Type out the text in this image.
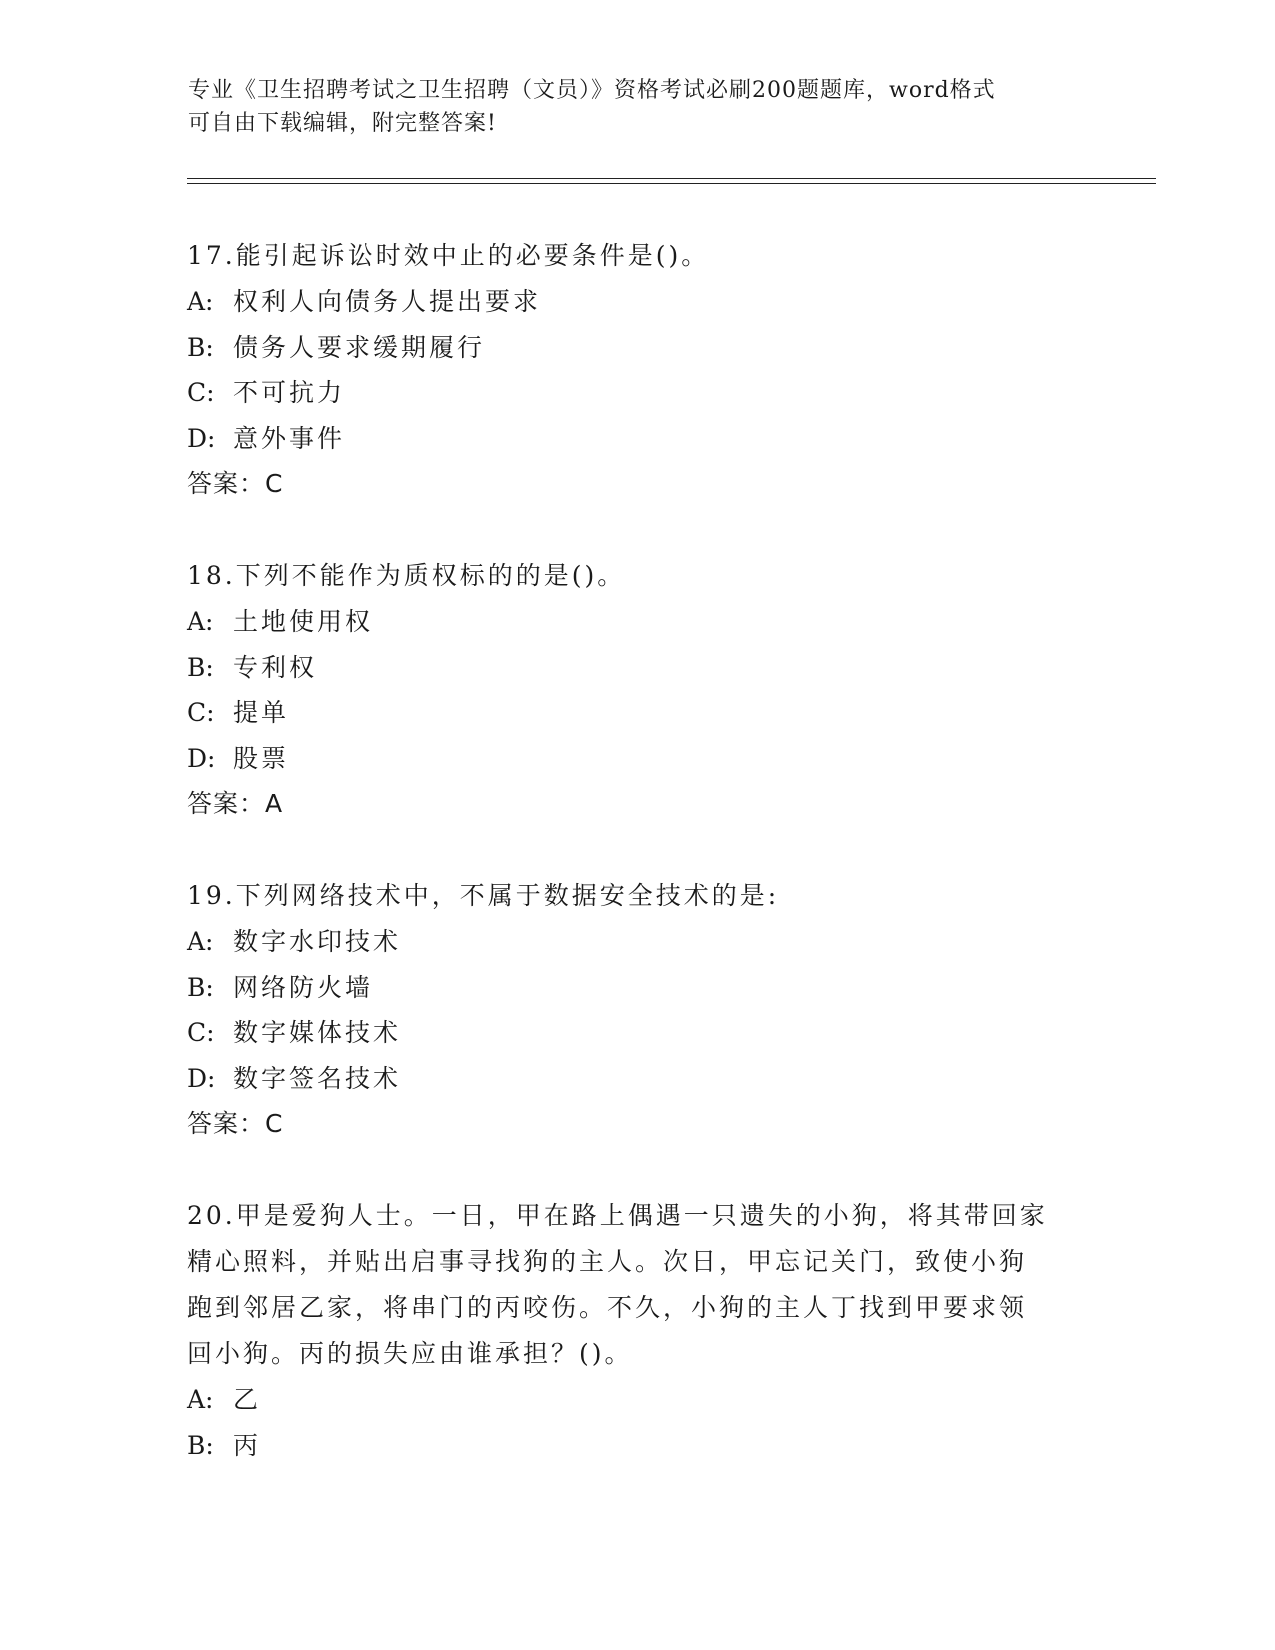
专业《卫生招聘考试之卫生招聘（文员）》资格考试必刷200题题库，word格式
可自由下载编辑，附完整答案!

17.能引起诉讼时效中止的必要条件是()。

A: 权利人向债务人提出要求

B: 债务人要求缓期履行

C: 不可抗力

D: 意外事件

答案：C

18.下列不能作为质权标的的是()。

A: 土地使用权

B: 专利权

C: 提单

D: 股票

答案：A

19.下列网络技术中，不属于数据安全技术的是:

A: 数字水印技术

B: 网络防火墙

C: 数字媒体技术

D: 数字签名技术

答案：C

20.甲是爱狗人士。一日，甲在路上偶遇一只遗失的小狗，将其带回家

精心照料，并贴出启事寻找狗的主人。次日，甲忘记关门，致使小狗

跑到邻居乙家，将串门的丙咬伤。不久，小狗的主人丁找到甲要求领

回小狗。丙的损失应由谁承担？()。

A: 乙

B: 丙
